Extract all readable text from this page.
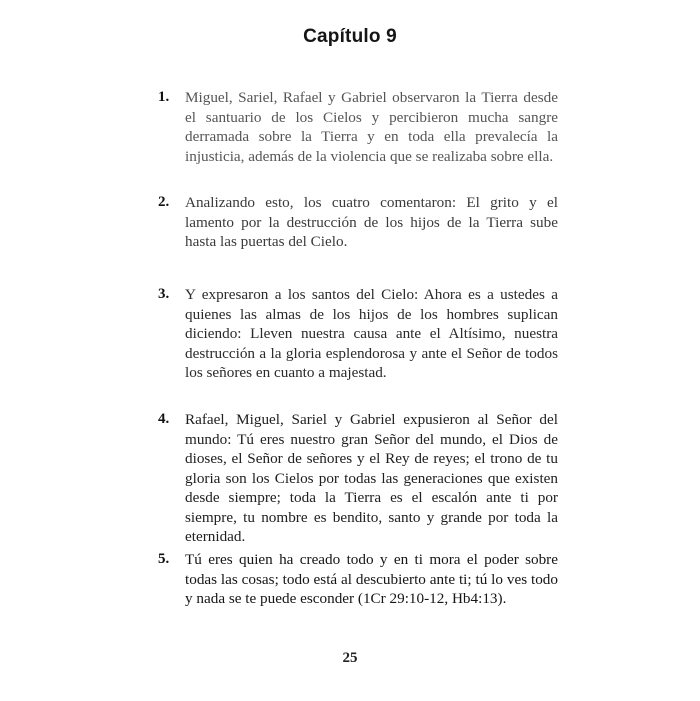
Capítulo 9
1. Miguel, Sariel, Rafael y Gabriel observaron la Tierra desde el santuario de los Cielos y percibieron mucha sangre derramada sobre la Tierra y en toda ella prevalecía la injusticia, además de la violencia que se realizaba sobre ella.
2. Analizando esto, los cuatro comentaron: El grito y el lamento por la destrucción de los hijos de la Tierra sube hasta las puertas del Cielo.
3. Y expresaron a los santos del Cielo: Ahora es a ustedes a quienes las almas de los hijos de los hombres suplican diciendo: Lleven nuestra causa ante el Altísimo, nuestra destrucción a la gloria esplendorosa y ante el Señor de todos los señores en cuanto a majestad.
4. Rafael, Miguel, Sariel y Gabriel expusieron al Señor del mundo: Tú eres nuestro gran Señor del mundo, el Dios de dioses, el Señor de señores y el Rey de reyes; el trono de tu gloria son los Cielos por todas las generaciones que existen desde siempre; toda la Tierra es el escalón ante ti por siempre, tu nombre es bendito, santo y grande por toda la eternidad.
5. Tú eres quien ha creado todo y en ti mora el poder sobre todas las cosas; todo está al descubierto ante ti; tú lo ves todo y nada se te puede esconder (1Cr 29:10-12, Hb4:13).
25
